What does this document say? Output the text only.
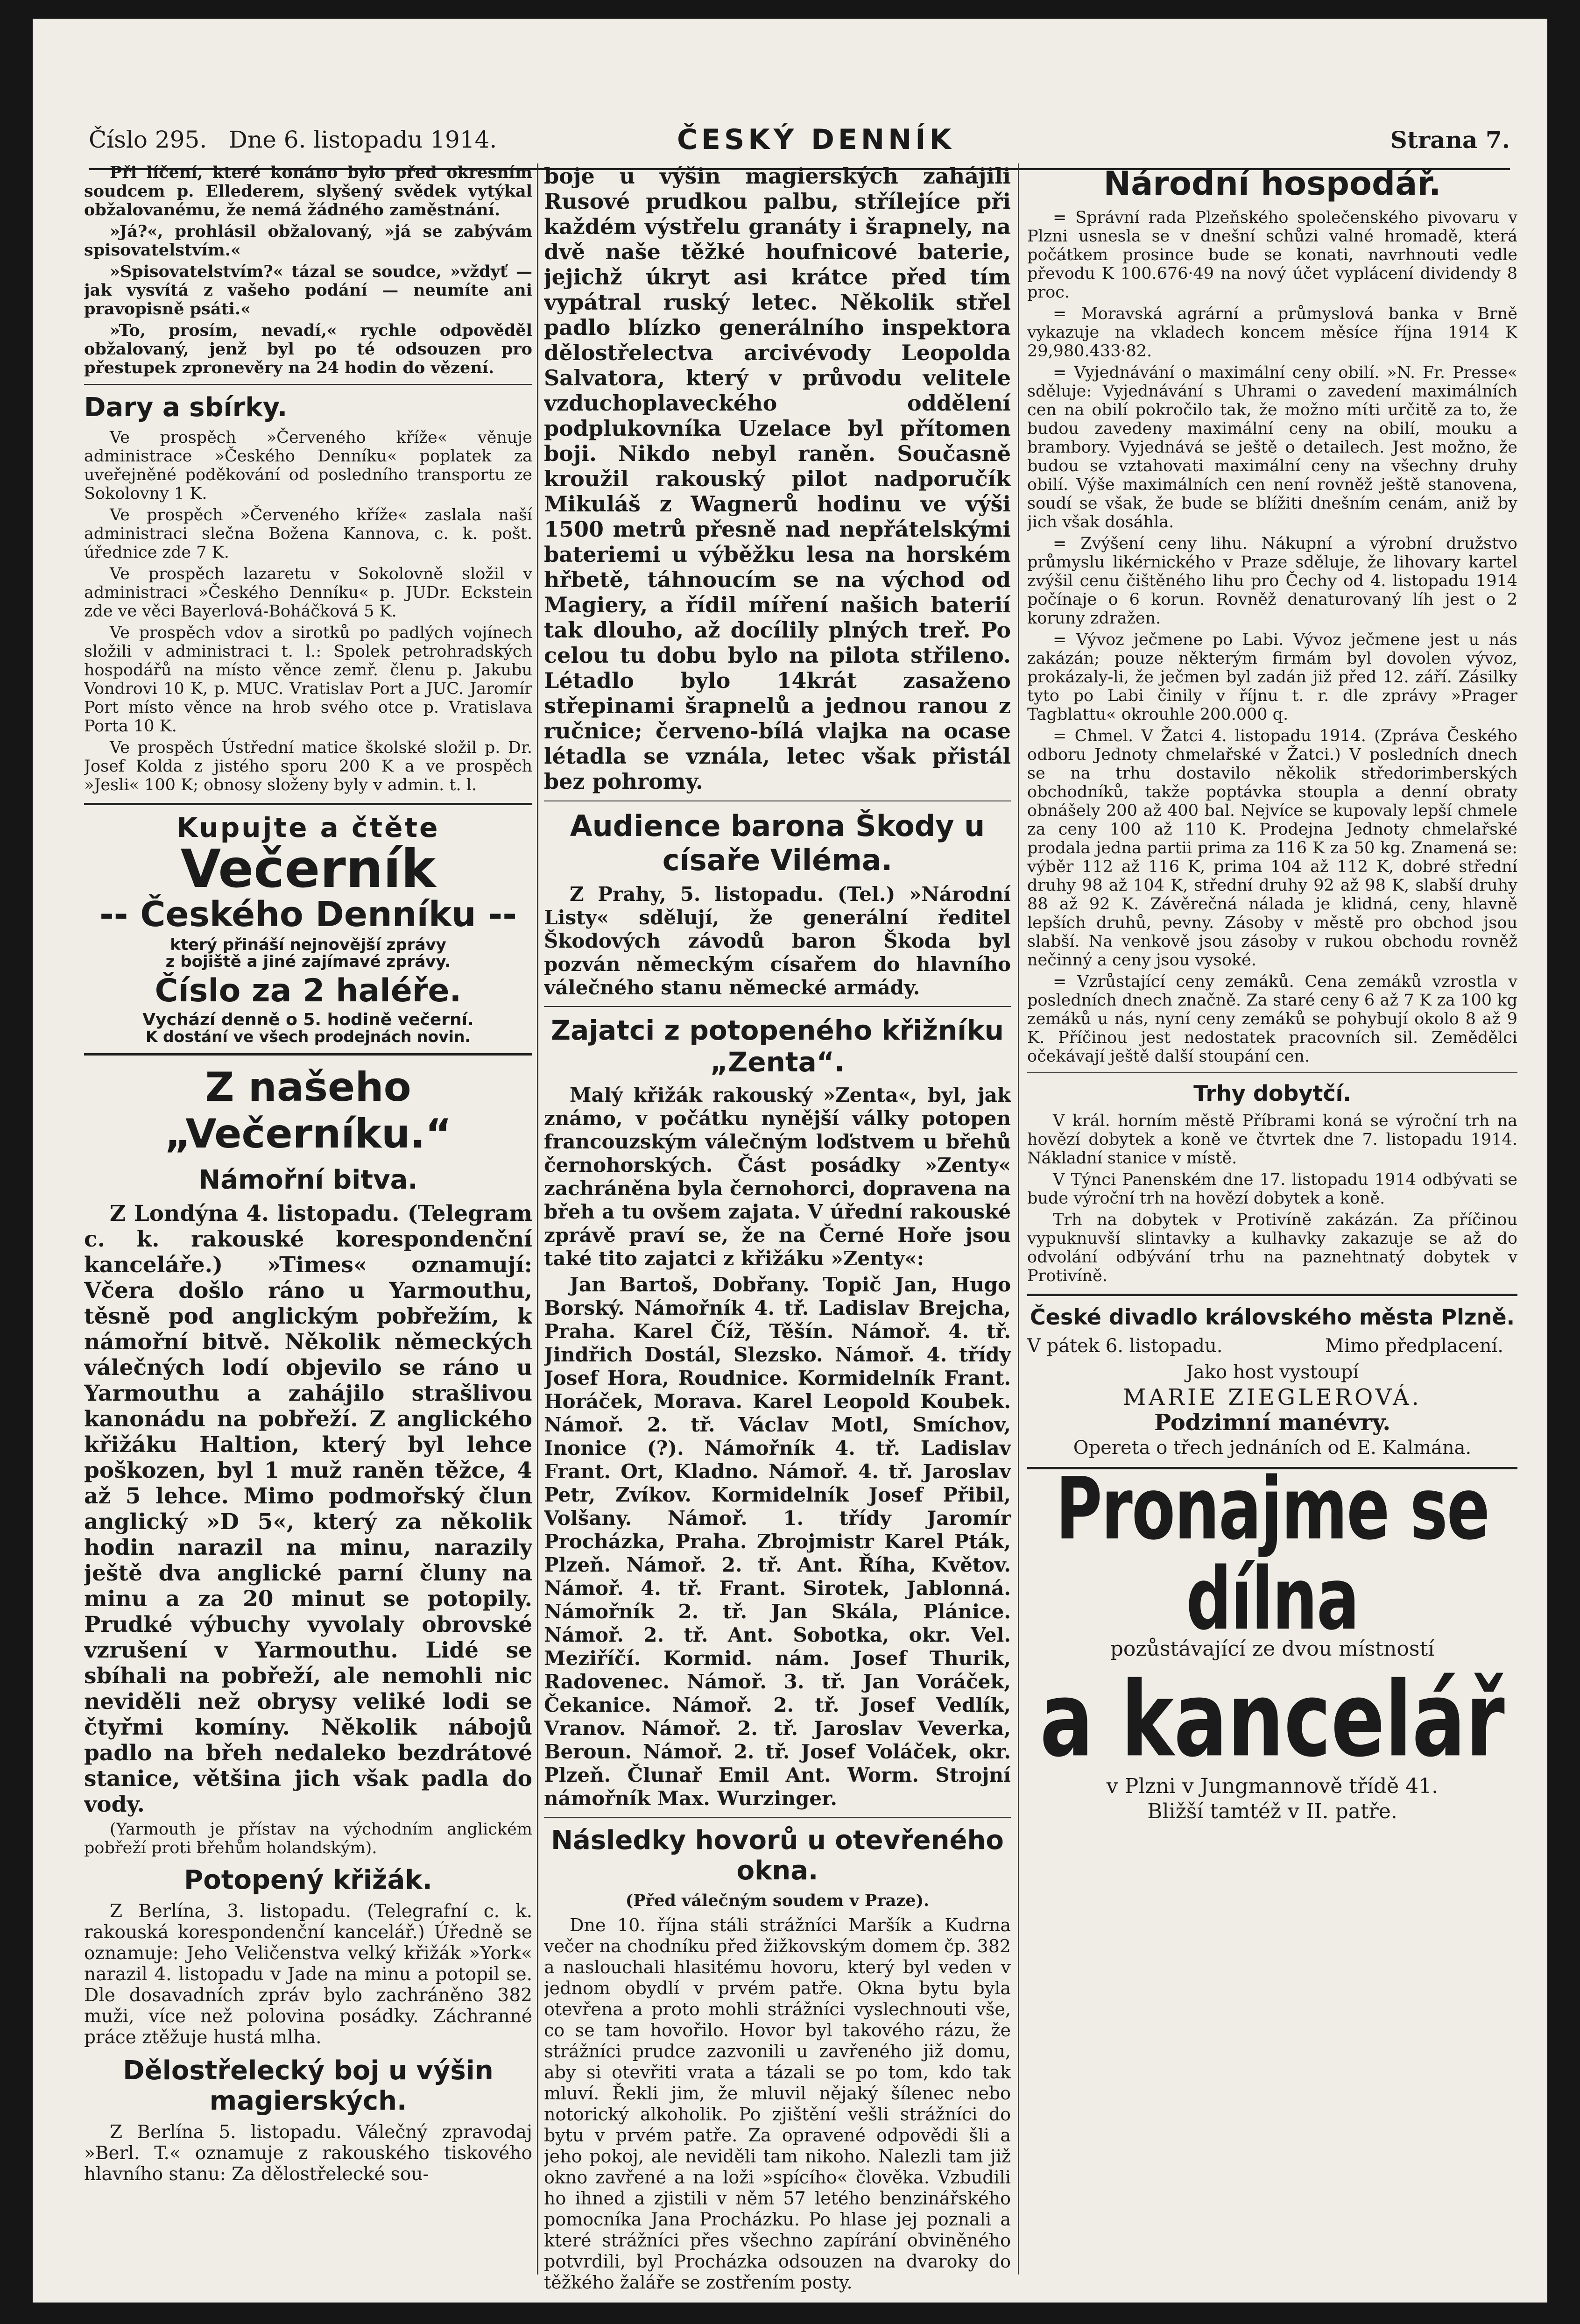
Číslo 295. Dne 6. listopadu 1914.	ČESKÝ DENNÍK	Strana 7.

Při líčení, které konáno bylo před okresním soudcem p. Ellederem, slyšený svědek vytýkal obžalovanému, že nemá žádného zaměstnání.

»Já?«, prohlásil obžalovaný, »já se zabývám spisovatelstvím.«

»Spisovatelstvím?« tázal se soudce, »vždyť — jak vysvítá z vašeho podání — neumíte ani pravopisně psáti.«

»To, prosím, nevadí,« rychle odpověděl obžalovaný, jenž byl po té odsouzen pro přestupek zpronevěry na 24 hodin do vězení.

Dary a sbírky.

Ve prospěch »Červeného kříže« věnuje administrace »Českého Denníku« poplatek za uveřejněné poděkování od posledního transportu ze Sokolovny 1 K.

Ve prospěch »Červeného kříže« zaslala naší administraci slečna Božena Kannova, c. k. pošt. úřednice zde 7 K.

Ve prospěch lazaretu v Sokolovně složil v administraci »Českého Denníku« p. JUDr. Eckstein zde ve věci Bayerlová-Boháčková 5 K.

Ve prospěch vdov a sirotků po padlých vojínech složili v administraci t. l.: Spolek petrohradských hospodářů na místo věnce zemř. členu p. Jakubu Vondrovi 10 K, p. MUC. Vratislav Port a JUC. Jaromír Port místo věnce na hrob svého otce p. Vratislava Porta 10 K.

Ve prospěch Ústřední matice školské složil p. Dr. Josef Kolda z jistého sporu 200 K a ve prospěch »Jesli« 100 K; obnosy složeny byly v admin. t. l.

Kupujte a čtěte
Večerník
-- Českého Denníku --
který přináší nejnovější zprávy
z bojiště a jiné zajímavé zprávy.
Číslo za 2 haléře.
Vychází denně o 5. hodině večerní.
K dostání ve všech prodejnách novin.
Z našeho „Večerníku.“
Námořní bitva.

Z Londýna 4. listopadu. (Telegram c. k. rakouské korespondenční kanceláře.) »Times« oznamují: Včera došlo ráno u Yarmouthu, těsně pod anglickým pobřežím, k námořní bitvě. Několik německých válečných lodí objevilo se ráno u Yarmouthu a zahájilo strašlivou kanonádu na pobřeží. Z anglického křižáku Haltion, který byl lehce poškozen, byl 1 muž raněn těžce, 4 až 5 lehce. Mimo podmořský člun anglický »D 5«, který za několik hodin narazil na minu, narazily ještě dva anglické parní čluny na minu a za 20 minut se potopily. Prudké výbuchy vyvolaly obrovské vzrušení v Yarmouthu. Lidé se sbíhali na pobřeží, ale nemohli nic neviděli než obrysy veliké lodi se čtyřmi komíny. Několik nábojů padlo na břeh nedaleko bezdrátové stanice, většina jich však padla do vody.

(Yarmouth je přístav na východním anglickém pobřeží proti břehům holandským).

Potopený křižák.

Z Berlína, 3. listopadu. (Telegrafní c. k. rakouská korespondenční kancelář.) Úředně se oznamuje: Jeho Veličenstva velký křižák »York« narazil 4. listopadu v Jade na minu a potopil se. Dle dosavadních zpráv bylo zachráněno 382 muži, více než polovina posádky. Záchranné práce ztěžuje hustá mlha.

Dělostřelecký boj u výšin magierských.

Z Berlína 5. listopadu. Válečný zpravodaj »Berl. T.« oznamuje z rakouského tiskového hlavního stanu: Za dělostřelecké sou-

boje u výšin magierských zahájili Rusové prudkou palbu, střílejíce při každém výstřelu granáty i šrapnely, na dvě naše těžké houfnicové baterie, jejichž úkryt asi krátce před tím vypátral ruský letec. Několik střel padlo blízko generálního inspektora dělostřelectva arcivévody Leopolda Salvatora, který v průvodu velitele vzduchoplaveckého oddělení podplukovníka Uzelace byl přítomen boji. Nikdo nebyl raněn. Současně kroužil rakouský pilot nadporučík Mikuláš z Wagnerů hodinu ve výši 1500 metrů přesně nad nepřátelskými bateriemi u výběžku lesa na horském hřbetě, táhnoucím se na východ od Magiery, a řídil míření našich baterií tak dlouho, až docílily plných treř. Po celou tu dobu bylo na pilota střileno. Létadlo bylo 14krát zasaženo střepinami šrapnelů a jednou ranou z ručnice; červeno-bílá vlajka na ocase létadla se vznála, letec však přistál bez pohromy.

Audience barona Škody u císaře Viléma.

Z Prahy, 5. listopadu. (Tel.) »Národní Listy« sdělují, že generální ředitel Škodových závodů baron Škoda byl pozván německým císařem do hlavního válečného stanu německé armády.

Zajatci z potopeného křižníku „Zenta“.

Malý křižák rakouský »Zenta«, byl, jak známo, v počátku nynější války potopen francouzským válečným loďstvem u břehů černohorských. Část posádky »Zenty« zachráněna byla černohorci, dopravena na břeh a tu ovšem zajata. V úřední rakouské zprávě praví se, že na Černé Hoře jsou také tito zajatci z křižáku »Zenty«:

Jan Bartoš, Dobřany. Topič Jan, Hugo Borský. Námořník 4. tř. Ladislav Brejcha, Praha. Karel Číž, Těšín. Námoř. 4. tř. Jindřich Dostál, Slezsko. Námoř. 4. třídy Josef Hora, Roudnice. Kormidelník Frant. Horáček, Morava. Karel Leopold Koubek. Námoř. 2. tř. Václav Motl, Smíchov, Inonice (?). Námořník 4. tř. Ladislav Frant. Ort, Kladno. Námoř. 4. tř. Jaroslav Petr, Zvíkov. Kormidelník Josef Přibil, Volšany. Námoř. 1. třídy Jaromír Procházka, Praha. Zbrojmistr Karel Pták, Plzeň. Námoř. 2. tř. Ant. Říha, Květov. Námoř. 4. tř. Frant. Sirotek, Jablonná. Námořník 2. tř. Jan Skála, Plánice. Námoř. 2. tř. Ant. Sobotka, okr. Vel. Meziříčí. Kormid. nám. Josef Thurik, Radovenec. Námoř. 3. tř. Jan Voráček, Čekanice. Námoř. 2. tř. Josef Vedlík, Vranov. Námoř. 2. tř. Jaroslav Veverka, Beroun. Námoř. 2. tř. Josef Voláček, okr. Plzeň. Člunař Emil Ant. Worm. Strojní námořník Max. Wurzinger.

Následky hovorů u otevřeného okna.
(Před válečným soudem v Praze).

Dne 10. října stáli strážníci Maršík a Kudrna večer na chodníku před žižkovským domem čp. 382 a naslouchali hlasitému hovoru, který byl veden v jednom obydlí v prvém patře. Okna bytu byla otevřena a proto mohli strážníci vyslechnouti vše, co se tam hovořilo. Hovor byl takového rázu, že strážníci prudce zazvonili u zavřeného již domu, aby si otevřiti vrata a tázali se po tom, kdo tak mluví. Řekli jim, že mluvil nějaký šílenec nebo notorický alkoholik. Po zjištění vešli strážníci do bytu v prvém patře. Za opravené odpovědi šli a jeho pokoj, ale neviděli tam nikoho. Nalezli tam již okno zavřené a na loži »spícího« člověka. Vzbudili ho ihned a zjistili v něm 57 letého benzinářského pomocníka Jana Procházku. Po hlase jej poznali a které strážníci přes všechno zapírání obviněného potvrdili, byl Procházka odsouzen na dvaroky do těžkého žaláře se zostřením posty.

Národní hospodář.

= Správní rada Plzeňského společenského pivovaru v Plzni usnesla se v dnešní schůzi valné hromadě, která počátkem prosince bude se konati, navrhnouti vedle převodu K 100.676·49 na nový účet vyplácení dividendy 8 proc.

= Moravská agrární a průmyslová banka v Brně vykazuje na vkladech koncem měsíce října 1914 K 29,980.433·82.

= Vyjednávání o maximální ceny obilí. »N. Fr. Presse« sděluje: Vyjednávání s Uhrami o zavedení maximálních cen na obilí pokročilo tak, že možno mίti určitě za to, že budou zavedeny maximální ceny na obilí, mouku a brambory. Vyjednává se ještě o detailech. Jest možno, že budou se vztahovati maximální ceny na všechny druhy obilí. Výše maximálních cen není rovněž ještě stanovena, soudí se však, že bude se blížiti dnešním cenám, aniž by jich však dosáhla.

= Zvýšení ceny lihu. Nákupní a výrobní družstvo průmyslu likérnického v Praze sděluje, že lihovary kartel zvýšil cenu čištěného lihu pro Čechy od 4. listopadu 1914 počínaje o 6 korun. Rovněž denaturovaný líh jest o 2 koruny zdražen.

= Vývoz ječmene po Labi. Vývoz ječmene jest u nás zakázán; pouze některým firmám byl dovolen vývoz, prokázaly-li, že ječmen byl zadán již před 12. září. Zásilky tyto po Labi činily v říjnu t. r. dle zprávy »Prager Tagblattu« okrouhle 200.000 q.

= Chmel. V Žatci 4. listopadu 1914. (Zpráva Českého odboru Jednoty chmelařské v Žatci.) V posledních dnech se na trhu dostavilo několik středorimberských obchodníků, takže poptávka stoupla a denní obraty obnášely 200 až 400 bal. Nejvíce se kupovaly lepší chmele za ceny 100 až 110 K. Prodejna Jednoty chmelařské prodala jedna partii prima za 116 K za 50 kg. Znamená se: výběr 112 až 116 K, prima 104 až 112 K, dobré střední druhy 98 až 104 K, střední druhy 92 až 98 K, slabší druhy 88 až 92 K. Závěrečná nálada je klidná, ceny, hlavně lepších druhů, pevny. Zásoby v městě pro obchod jsou slabší. Na venkově jsou zásoby v rukou obchodu rovněž nečinný a ceny jsou vysoké.

= Vzrůstající ceny zemáků. Cena zemáků vzrostla v posledních dnech značně. Za staré ceny 6 až 7 K za 100 kg zemáků u nás, nyní ceny zemáků se pohybují okolo 8 až 9 K. Příčinou jest nedostatek pracovních sil. Zemědělci očekávají ještě další stoupání cen.

Trhy dobytčí.

V král. horním městě Příbrami koná se výroční trh na hovězí dobytek a koně ve čtvrtek dne 7. listopadu 1914. Nákladní stanice v místě.

V Týnci Panenském dne 17. listopadu 1914 odbývati se bude výroční trh na hovězí dobytek a koně.

Trh na dobytek v Protivíně zakázán. Za příčinou vypuknuvší slintavky a kulhavky zakazuje se až do odvolání odbývání trhu na paznehtnatý dobytek v Protivíně.

České divadlo královského města Plzně.
V pátek 6. listopadu.	Mimo předplacení.
Jako host vystoupí
MARIE ZIEGLEROVÁ.
Podzimní manévry.
Opereta o třech jednáních od E. Kalmána.
Pronajme se dílna
pozůstávající ze dvou místností
a kancelář
v Plzni v Jungmannově třídě 41.
Bližší tamtéž v II. patře.
